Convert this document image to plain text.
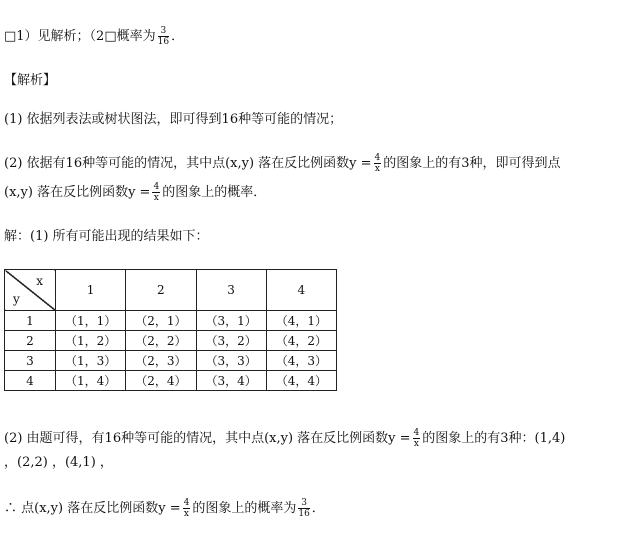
□1）见解析；（2□概率为 $\frac{3}{16}$ ．
【解析】
(1) 依据列表法或树状图法，即可得到16种等可能的情况；
(2) 依据有16种等可能的情况，其中点(x,y) 落在反比例函数$y = \frac{4}{x}$ 的图象上的有3种，即可得到点
(x,y) 落在反比例函数$y = \frac{4}{x}$ 的图象上的概率．
解：(1) 所有可能出现的结果如下：
x
y	1	2	3	4
1	（1，1）	（2，1）	（3，1）	（4，1）
2	（1，2）	（2，2）	（3，2）	（4，2）
3	（1，3）	（2，3）	（3，3）	（4，3）
4	（1，4）	（2，4）	（3，4）	（4，4）
(2) 由题可得，有16种等可能的情况，其中点(x,y) 落在反比例函数$y = \frac{4}{x}$ 的图象上的有3种：(1,4)
，(2,2) ，(4,1) ，
∴ 点(x,y) 落在反比例函数$y = \frac{4}{x}$ 的图象上的概率为 $\frac{3}{16}$ ．
